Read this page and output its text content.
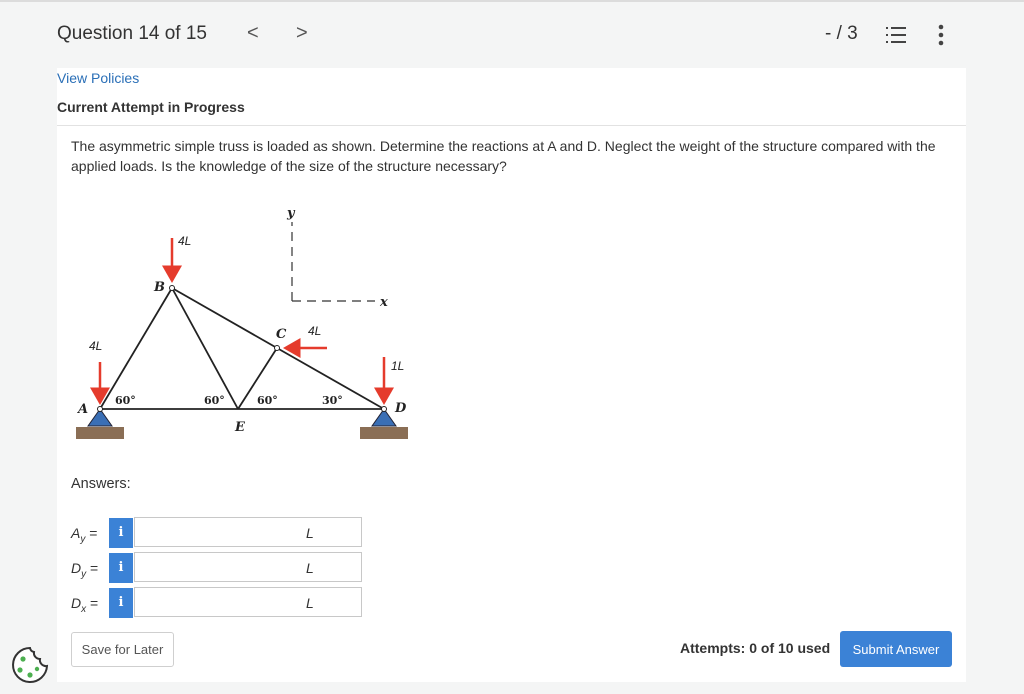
Question 14 of 15 < >	- / 3
View Policies
Current Attempt in Progress
The asymmetric simple truss is loaded as shown. Determine the reactions at A and D. Neglect the weight of the structure compared with the applied loads. Is the knowledge of the size of the structure necessary?
y
x
4L
4L
4L
1L
B
C
A	D
E
60°	60°	60°	30°
Answers:
$A_y$ =	i	L
$D_y$ =	i	L
$D_x$ =	i	L
Save for Later	Attempts: 0 of 10 used	Submit Answer
